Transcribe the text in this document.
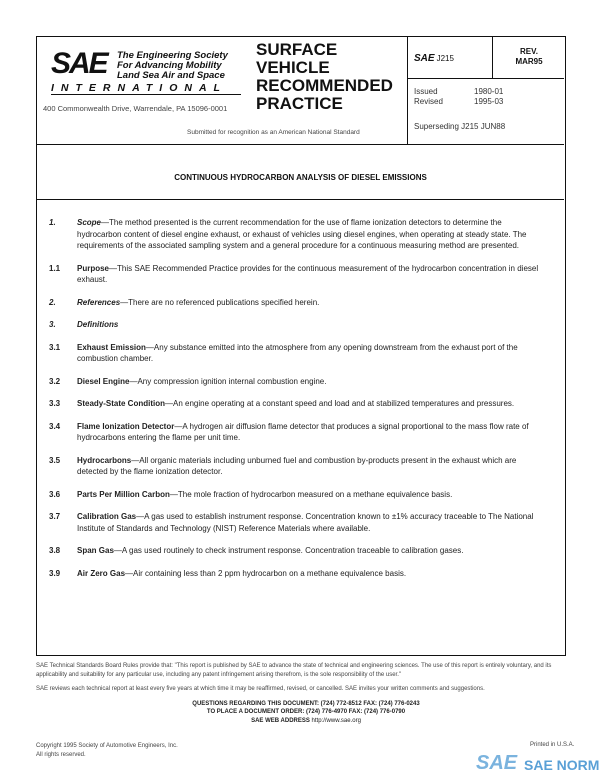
SAE The Engineering Society
For Advancing Mobility
Land Sea Air and Space
INTERNATIONAL
400 Commonwealth Drive, Warrendale, PA 15096-0001
SURFACE
VEHICLE
RECOMMENDED
PRACTICE
Submitted for recognition as an American National Standard
SAE J215
REV.
MAR95
Issued	1980-01
Revised	1995-03
Superseding J215 JUN88
CONTINUOUS HYDROCARBON ANALYSIS OF DIESEL EMISSIONS
1.	Scope—The method presented is the current recommendation for the use of flame ionization detectors to determine the hydrocarbon content of diesel engine exhaust, or exhaust of vehicles using diesel engines, when operating at steady state. The requirements of the associated sampling system and a general procedure for a continuous measuring method are presented.
1.1 Purpose—This SAE Recommended Practice provides for the continuous measurement of the hydrocarbon concentration in diesel exhaust.
2.	References—There are no referenced publications specified herein.
3.	Definitions
3.1 Exhaust Emission—Any substance emitted into the atmosphere from any opening downstream from the exhaust port of the combustion chamber.
3.2 Diesel Engine—Any compression ignition internal combustion engine.
3.3 Steady-State Condition—An engine operating at a constant speed and load and at stabilized temperatures and pressures.
3.4 Flame Ionization Detector—A hydrogen air diffusion flame detector that produces a signal proportional to the mass flow rate of hydrocarbons entering the flame per unit time.
3.5 Hydrocarbons—All organic materials including unburned fuel and combustion by-products present in the exhaust which are detected by the flame ionization detector.
3.6 Parts Per Million Carbon—The mole fraction of hydrocarbon measured on a methane equivalence basis.
3.7 Calibration Gas—A gas used to establish instrument response. Concentration known to ±1% accuracy traceable to The National Institute of Standards and Technology (NIST) Reference Materials where available.
3.8 Span Gas—A gas used routinely to check instrument response. Concentration traceable to calibration gases.
3.9 Air Zero Gas—Air containing less than 2 ppm hydrocarbon on a methane equivalence basis.
SAE Technical Standards Board Rules provide that: "This report is published by SAE to advance the state of technical and engineering sciences. The use of this report is entirely voluntary, and its applicability and suitability for any particular use, including any patent infringement arising therefrom, is the sole responsibility of the user."
SAE reviews each technical report at least every five years at which time it may be reaffirmed, revised, or cancelled. SAE invites your written comments and suggestions.
QUESTIONS REGARDING THIS DOCUMENT: (724) 772-8512 FAX: (724) 776-0243
TO PLACE A DOCUMENT ORDER: (724) 776-4970 FAX: (724) 776-0790
SAE WEB ADDRESS http://www.sae.org
Copyright 1995 Society of Automotive Engineers, Inc.
All rights reserved.
Printed in U.S.A.
SAE SAE NORM
